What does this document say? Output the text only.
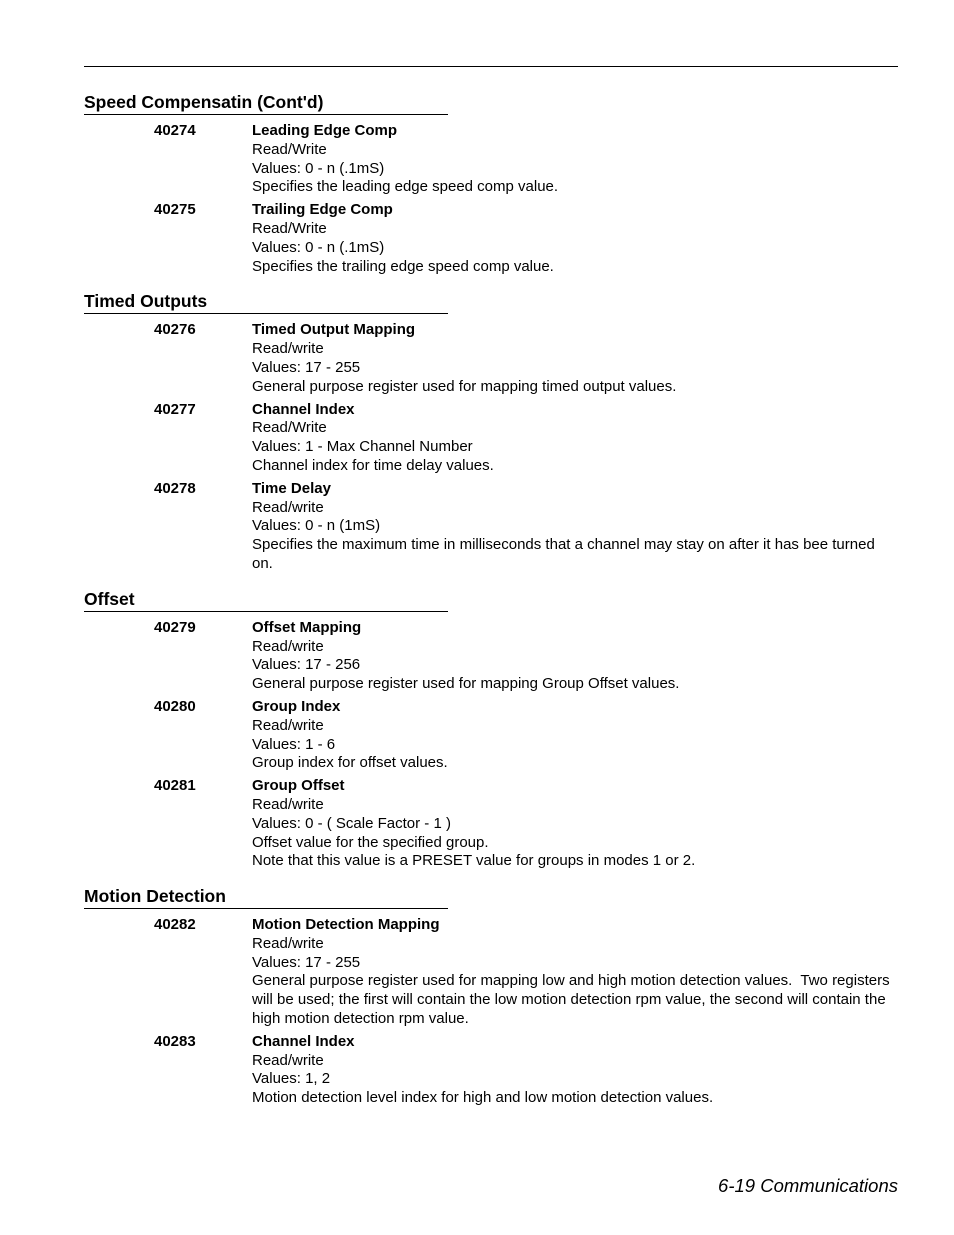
Speed Compensatin (Cont'd)
40274	Leading Edge Comp
Read/Write
Values: 0 - n (.1mS)
Specifies the leading edge speed comp value.
40275	Trailing Edge Comp
Read/Write
Values: 0 - n (.1mS)
Specifies the trailing edge speed comp value.
Timed Outputs
40276	Timed Output Mapping
Read/write
Values: 17 - 255
General purpose register used for mapping timed output values.
40277	Channel Index
Read/Write
Values: 1 - Max Channel Number
Channel index for time delay values.
40278	Time Delay
Read/write
Values: 0 - n (1mS)
Specifies the maximum time in milliseconds that a channel may stay on after it has bee turned on.
Offset
40279	Offset Mapping
Read/write
Values: 17 - 256
General purpose register used for mapping Group Offset values.
40280	Group Index
Read/write
Values: 1 - 6
Group index for offset values.
40281	Group Offset
Read/write
Values: 0 - ( Scale Factor - 1 )
Offset value for the specified group.
Note that this value is a PRESET value for groups in modes 1 or 2.
Motion Detection
40282	Motion Detection Mapping
Read/write
Values: 17 - 255
General purpose register used for mapping low and high motion detection values.  Two registers will be used; the first will contain the low motion detection rpm value, the second will contain the high motion detection rpm value.
40283	Channel Index
Read/write
Values: 1, 2
Motion detection level index for high and low motion detection values.
6-19 Communications
